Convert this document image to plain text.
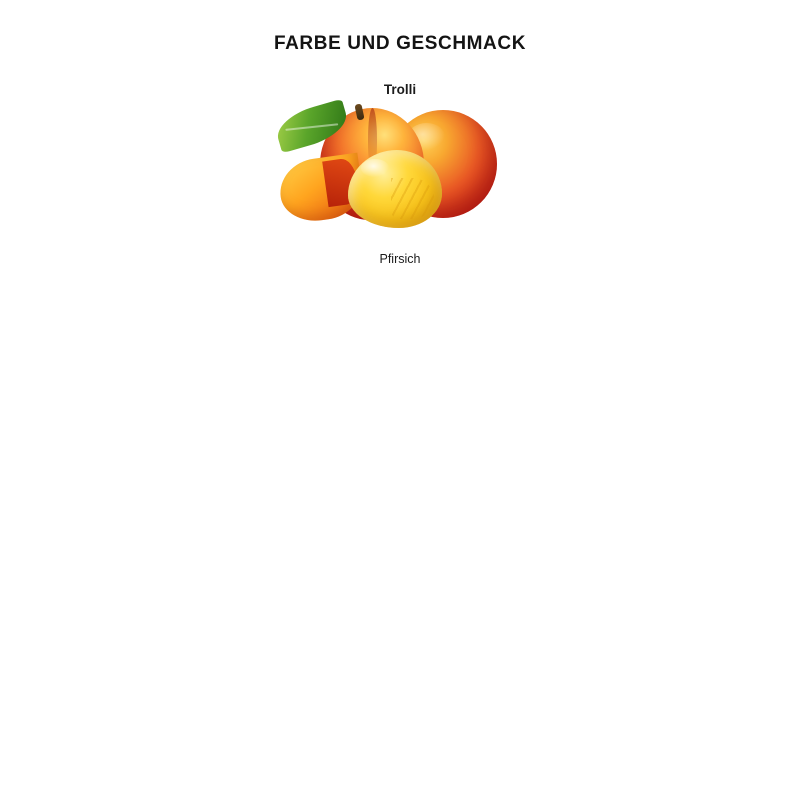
FARBE UND GESCHMACK
Trolli
Pfirsich
